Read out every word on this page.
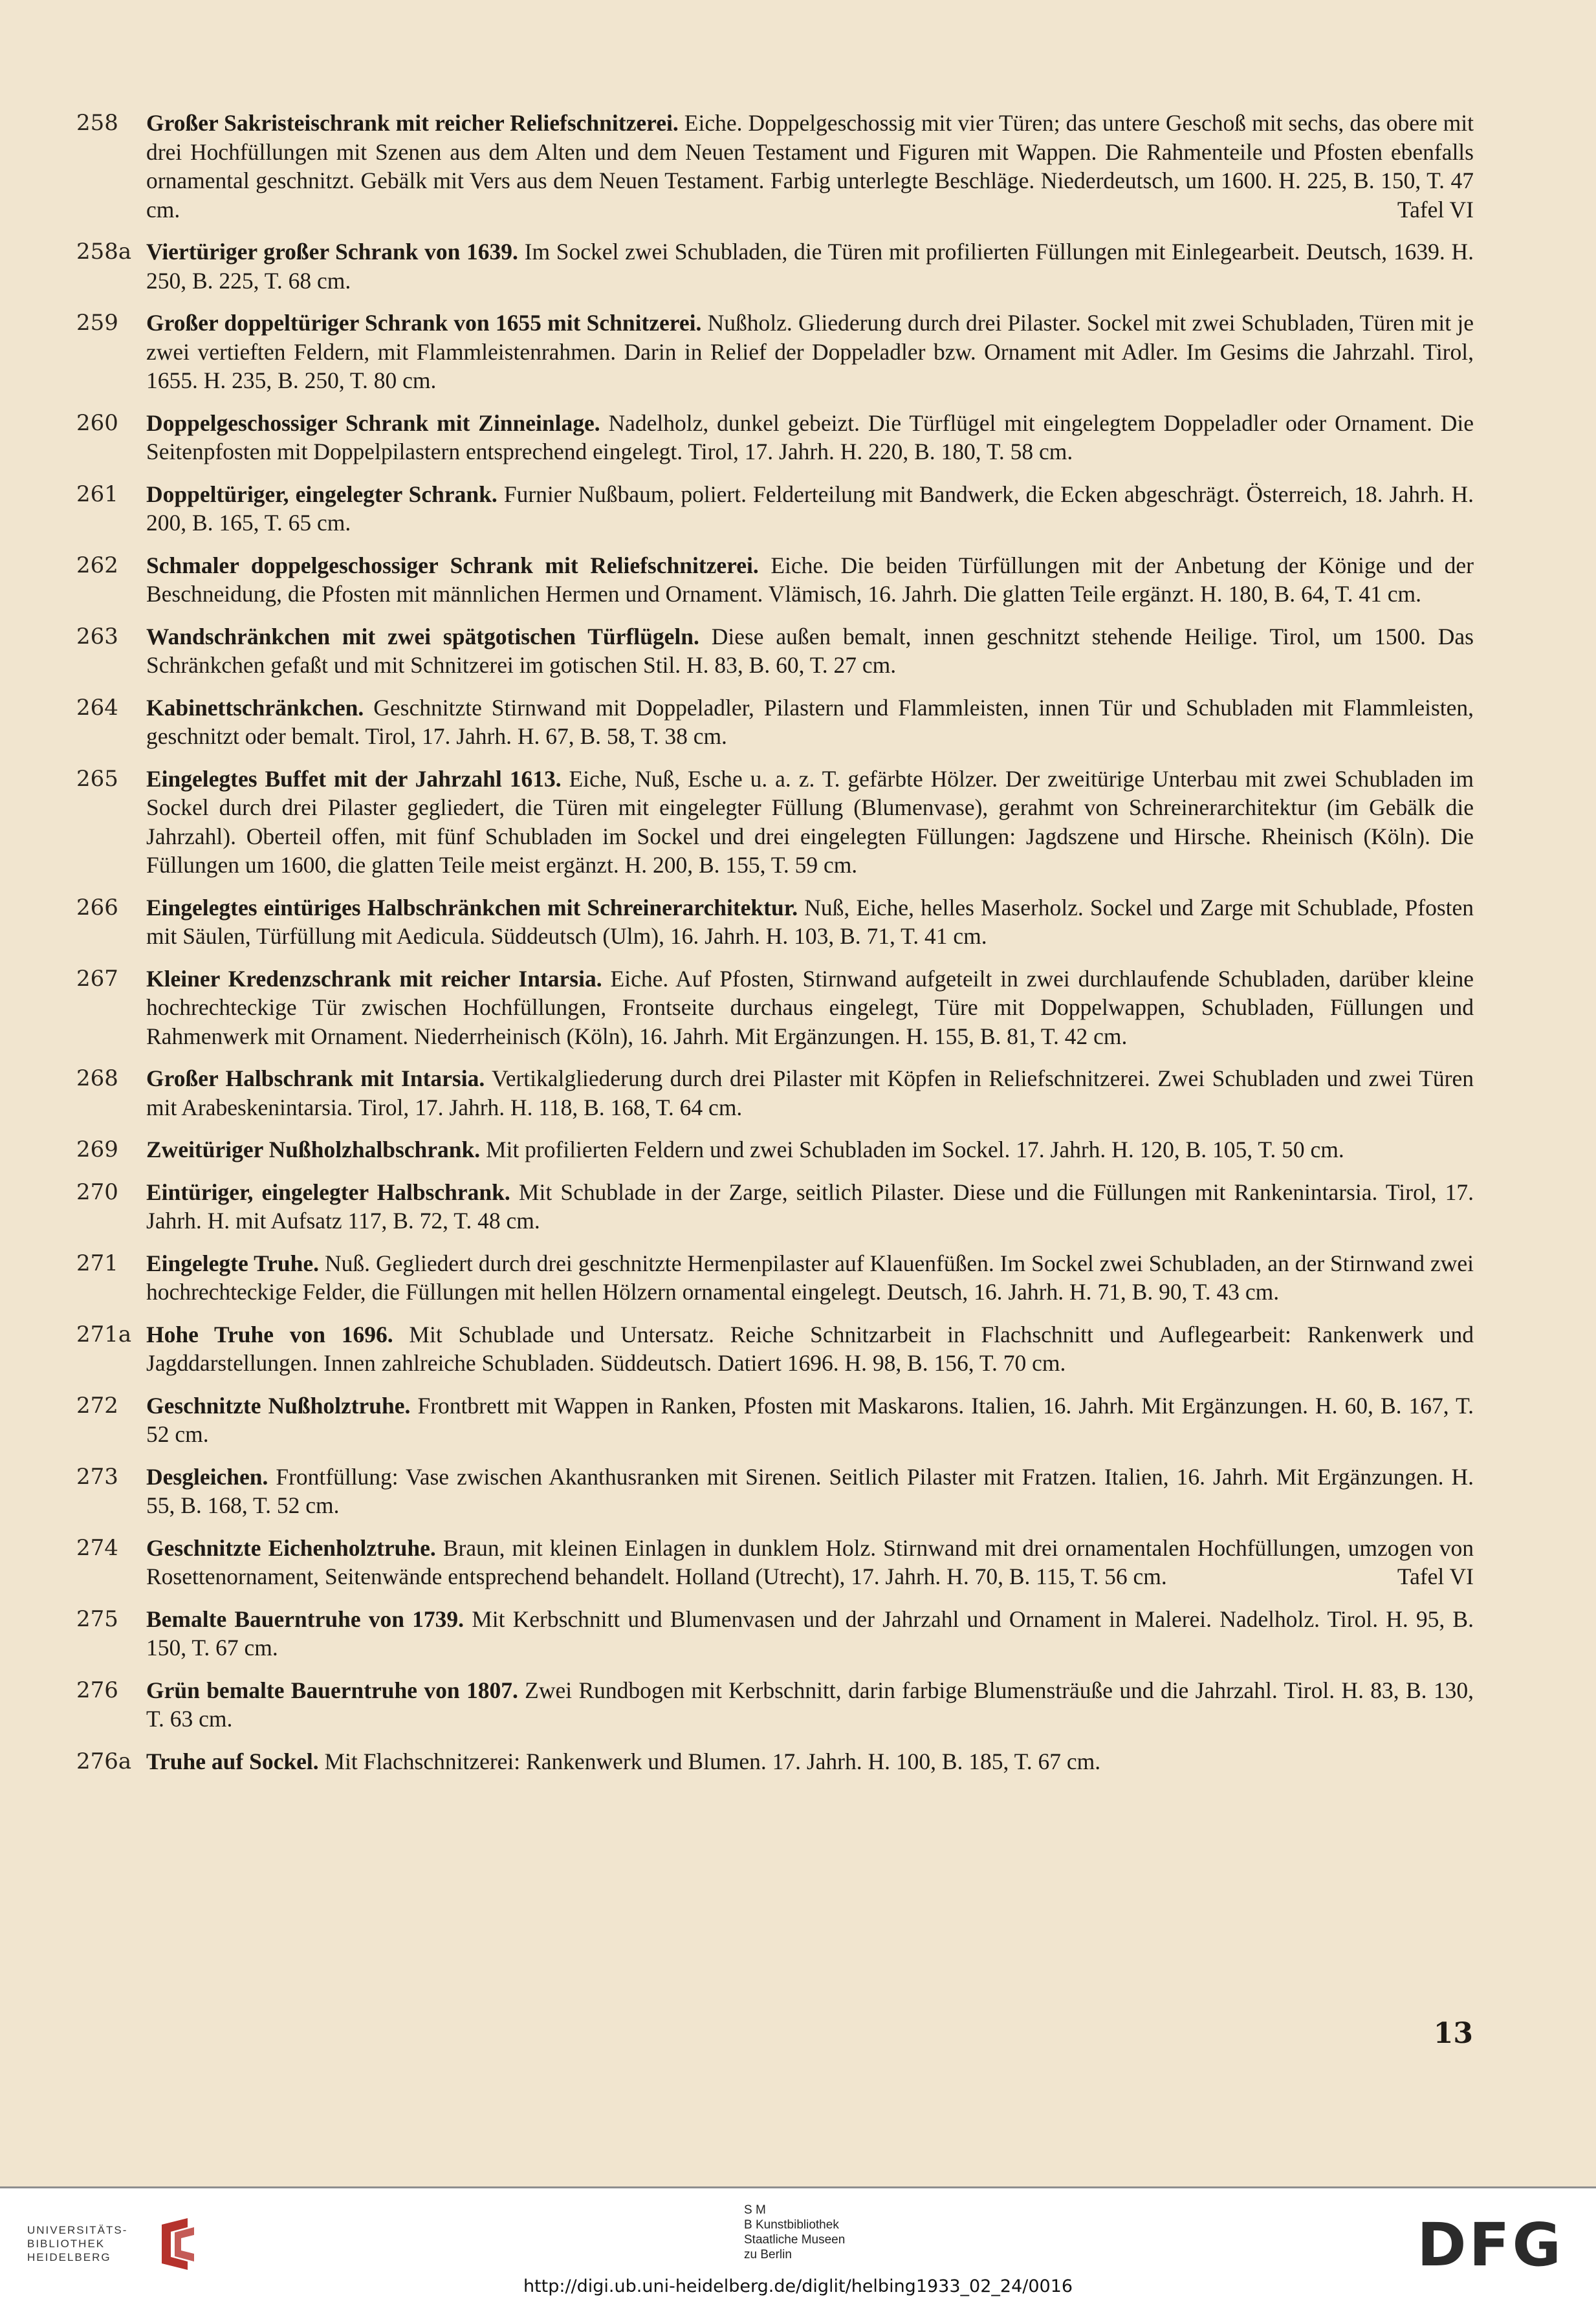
258	Großer Sakristeischrank mit reicher Reliefschnitzerei. Eiche. Doppelgeschossig mit vier Türen; das untere Geschoß mit sechs, das obere mit drei Hochfüllungen mit Szenen aus dem Alten und dem Neuen Testament und Figuren mit Wappen. Die Rahmenteile und Pfosten ebenfalls ornamental geschnitzt. Gebälk mit Vers aus dem Neuen Testament. Farbig unterlegte Beschläge. Niederdeutsch, um 1600. H. 225, B. 150, T. 47 cm.	Tafel VI
258a Viertüriger großer Schrank von 1639. Im Sockel zwei Schubladen, die Türen mit profilierten Füllungen mit Einlegearbeit. Deutsch, 1639. H. 250, B. 225, T. 68 cm.
259	Großer doppeltüriger Schrank von 1655 mit Schnitzerei. Nußholz. Gliederung durch drei Pilaster. Sockel mit zwei Schubladen, Türen mit je zwei vertieften Feldern, mit Flammleistenrahmen. Darin in Relief der Doppeladler bzw. Ornament mit Adler. Im Gesims die Jahrzahl. Tirol, 1655. H. 235, B. 250, T. 80 cm.
260	Doppelgeschossiger Schrank mit Zinneinlage. Nadelholz, dunkel gebeizt. Die Türflügel mit eingelegtem Doppeladler oder Ornament. Die Seitenpfosten mit Doppelpilastern entsprechend eingelegt. Tirol, 17. Jahrh. H. 220, B. 180, T. 58 cm.
261	Doppeltüriger, eingelegter Schrank. Furnier Nußbaum, poliert. Felderteilung mit Bandwerk, die Ecken abgeschrägt. Österreich, 18. Jahrh. H. 200, B. 165, T. 65 cm.
262	Schmaler doppelgeschossiger Schrank mit Reliefschnitzerei. Eiche. Die beiden Türfüllungen mit der Anbetung der Könige und der Beschneidung, die Pfosten mit männlichen Hermen und Ornament. Vlämisch, 16. Jahrh. Die glatten Teile ergänzt. H. 180, B. 64, T. 41 cm.
263	Wandschränkchen mit zwei spätgotischen Türflügeln. Diese außen bemalt, innen geschnitzt stehende Heilige. Tirol, um 1500. Das Schränkchen gefaßt und mit Schnitzerei im gotischen Stil. H. 83, B. 60, T. 27 cm.
264	Kabinettschränkchen. Geschnitzte Stirnwand mit Doppeladler, Pilastern und Flammleisten, innen Tür und Schubladen mit Flammleisten, geschnitzt oder bemalt. Tirol, 17. Jahrh. H. 67, B. 58, T. 38 cm.
265	Eingelegtes Buffet mit der Jahrzahl 1613. Eiche, Nuß, Esche u. a. z. T. gefärbte Hölzer. Der zweitürige Unterbau mit zwei Schubladen im Sockel durch drei Pilaster gegliedert, die Türen mit eingelegter Füllung (Blumenvase), gerahmt von Schreinerarchitektur (im Gebälk die Jahrzahl). Oberteil offen, mit fünf Schubladen im Sockel und drei eingelegten Füllungen: Jagdszene und Hirsche. Rheinisch (Köln). Die Füllungen um 1600, die glatten Teile meist ergänzt. H. 200, B. 155, T. 59 cm.
266	Eingelegtes eintüriges Halbschränkchen mit Schreinerarchitektur. Nuß, Eiche, helles Maserholz. Sockel und Zarge mit Schublade, Pfosten mit Säulen, Türfüllung mit Aedicula. Süddeutsch (Ulm), 16. Jahrh. H. 103, B. 71, T. 41 cm.
267	Kleiner Kredenzschrank mit reicher Intarsia. Eiche. Auf Pfosten, Stirnwand aufgeteilt in zwei durchlaufende Schubladen, darüber kleine hochrechteckige Tür zwischen Hochfüllungen, Frontseite durchaus eingelegt, Türe mit Doppelwappen, Schubladen, Füllungen und Rahmenwerk mit Ornament. Niederrheinisch (Köln), 16. Jahrh. Mit Ergänzungen. H. 155, B. 81, T. 42 cm.
268	Großer Halbschrank mit Intarsia. Vertikalgliederung durch drei Pilaster mit Köpfen in Reliefschnitzerei. Zwei Schubladen und zwei Türen mit Arabeskenintarsia. Tirol, 17. Jahrh. H. 118, B. 168, T. 64 cm.
269	Zweitüriger Nußholzhalbschrank. Mit profilierten Feldern und zwei Schubladen im Sockel. 17. Jahrh. H. 120, B. 105, T. 50 cm.
270	Eintüriger, eingelegter Halbschrank. Mit Schublade in der Zarge, seitlich Pilaster. Diese und die Füllungen mit Rankenintarsia. Tirol, 17. Jahrh. H. mit Aufsatz 117, B. 72, T. 48 cm.
271	Eingelegte Truhe. Nuß. Gegliedert durch drei geschnitzte Hermenpilaster auf Klauenfüßen. Im Sockel zwei Schubladen, an der Stirnwand zwei hochrechteckige Felder, die Füllungen mit hellen Hölzern ornamental eingelegt. Deutsch, 16. Jahrh. H. 71, B. 90, T. 43 cm.
271a Hohe Truhe von 1696. Mit Schublade und Untersatz. Reiche Schnitzarbeit in Flachschnitt und Auflegearbeit: Rankenwerk und Jagddarstellungen. Innen zahlreiche Schubladen. Süddeutsch. Datiert 1696. H. 98, B. 156, T. 70 cm.
272	Geschnitzte Nußholztruhe. Frontbrett mit Wappen in Ranken, Pfosten mit Maskarons. Italien, 16. Jahrh. Mit Ergänzungen. H. 60, B. 167, T. 52 cm.
273	Desgleichen. Frontfüllung: Vase zwischen Akanthusranken mit Sirenen. Seitlich Pilaster mit Fratzen. Italien, 16. Jahrh. Mit Ergänzungen. H. 55, B. 168, T. 52 cm.
274	Geschnitzte Eichenholztruhe. Braun, mit kleinen Einlagen in dunklem Holz. Stirnwand mit drei ornamentalen Hochfüllungen, umzogen von Rosettenornament, Seitenwände entsprechend behandelt. Holland (Utrecht), 17. Jahrh. H. 70, B. 115, T. 56 cm.	Tafel VI
275	Bemalte Bauerntruhe von 1739. Mit Kerbschnitt und Blumenvasen und der Jahrzahl und Ornament in Malerei. Nadelholz. Tirol. H. 95, B. 150, T. 67 cm.
276	Grün bemalte Bauerntruhe von 1807. Zwei Rundbogen mit Kerbschnitt, darin farbige Blumensträuße und die Jahrzahl. Tirol. H. 83, B. 130, T. 63 cm.
276a Truhe auf Sockel. Mit Flachschnitzerei: Rankenwerk und Blumen. 17. Jahrh. H. 100, B. 185, T. 67 cm.
13
UNIVERSITÄTS-
BIBLIOTHEK
HEIDELBERG
S M
B Kunstbibliothek
Staatliche Museen
zu Berlin	DFG
http://digi.ub.uni-heidelberg.de/diglit/helbing1933_02_24/0016
